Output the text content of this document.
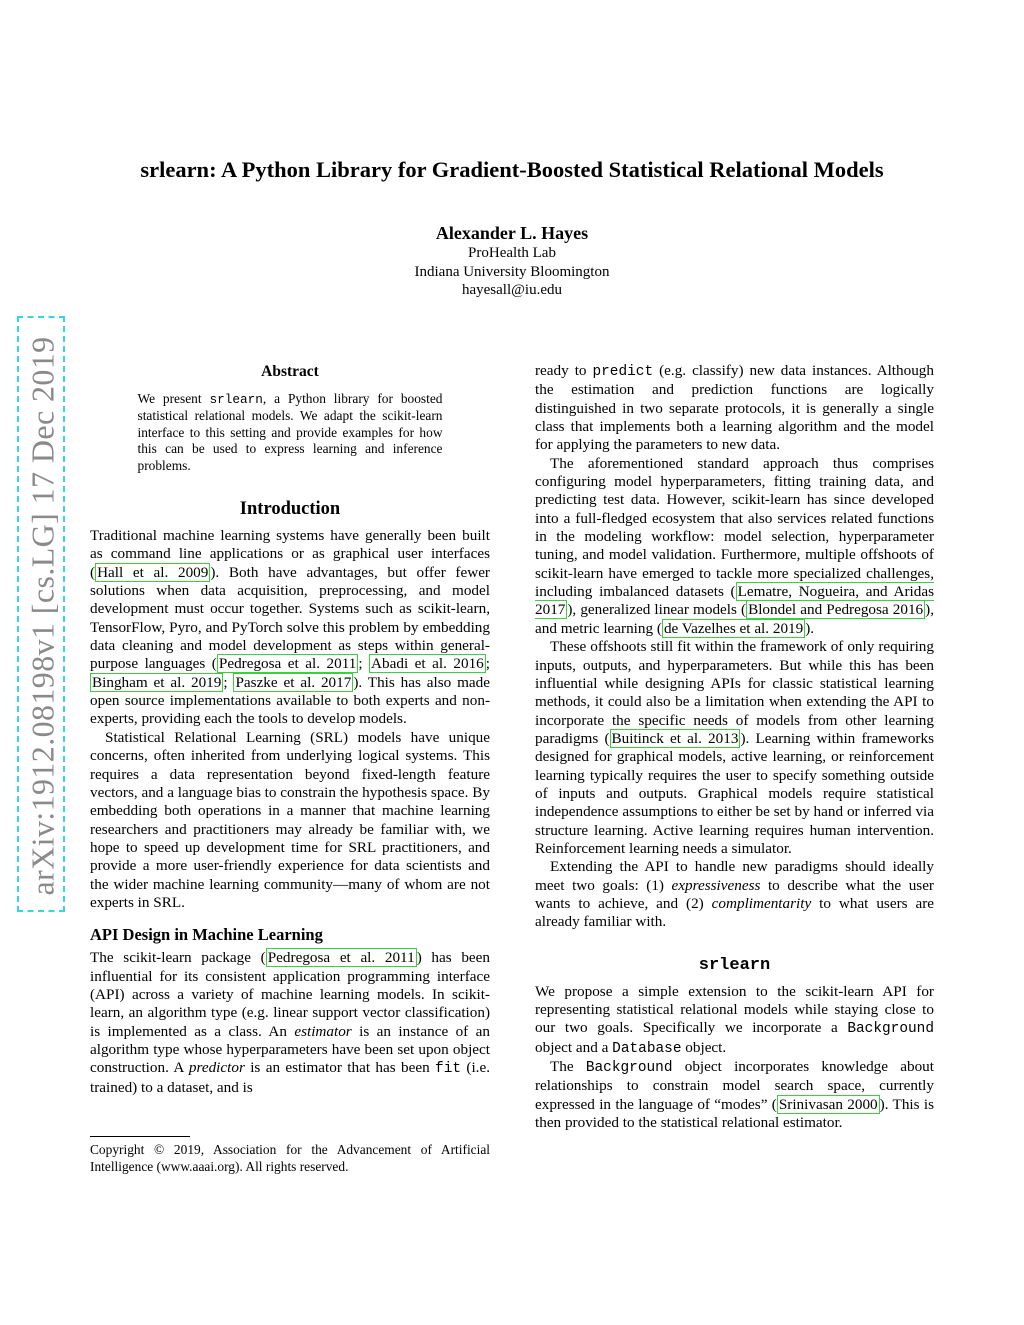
arXiv:1912.08198v1 [cs.LG] 17 Dec 2019
srlearn: A Python Library for Gradient-Boosted Statistical Relational Models
Alexander L. Hayes
ProHealth Lab
Indiana University Bloomington
hayesall@iu.edu
Abstract
We present srlearn, a Python library for boosted statistical relational models. We adapt the scikit-learn interface to this setting and provide examples for how this can be used to express learning and inference problems.
Introduction

Traditional machine learning systems have generally been built as command line applications or as graphical user interfaces ( Hall et al. 2009 ). Both have advantages, but offer fewer solutions when data acquisition, preprocessing, and model development must occur together. Systems such as scikit-learn, TensorFlow, Pyro, and PyTorch solve this problem by embedding data cleaning and model development as steps within general-purpose languages ( Pedregosa et al. 2011 ; Abadi et al. 2016 ; Bingham et al. 2019 ; Paszke et al. 2017 ). This has also made open source implementations available to both experts and non-experts, providing each the tools to develop models.

Statistical Relational Learning (SRL) models have unique concerns, often inherited from underlying logical systems. This requires a data representation beyond fixed-length feature vectors, and a language bias to constrain the hypothesis space. By embedding both operations in a manner that machine learning researchers and practitioners may already be familiar with, we hope to speed up development time for SRL practitioners, and provide a more user-friendly experience for data scientists and the wider machine learning community—many of whom are not experts in SRL.

API Design in Machine Learning

The scikit-learn package ( Pedregosa et al. 2011 ) has been influential for its consistent application programming interface (API) across a variety of machine learning models. In scikit-learn, an algorithm type (e.g. linear support vector classification) is implemented as a class. An estimator is an instance of an algorithm type whose hyperparameters have been set upon object construction. A predictor is an estimator that has been fit (i.e. trained) to a dataset, and is

Copyright © 2019, Association for the Advancement of Artificial Intelligence (www.aaai.org). All rights reserved.

ready to predict (e.g. classify) new data instances. Although the estimation and prediction functions are logically distinguished in two separate protocols, it is generally a single class that implements both a learning algorithm and the model for applying the parameters to new data.

The aforementioned standard approach thus comprises configuring model hyperparameters, fitting training data, and predicting test data. However, scikit-learn has since developed into a full-fledged ecosystem that also services related functions in the modeling workflow: model selection, hyperparameter tuning, and model validation. Furthermore, multiple offshoots of scikit-learn have emerged to tackle more specialized challenges, including imbalanced datasets ( Lematre, Nogueira, and Aridas 2017 ), generalized linear models ( Blondel and Pedregosa 2016 ), and metric learning ( de Vazelhes et al. 2019 ).

These offshoots still fit within the framework of only requiring inputs, outputs, and hyperparameters. But while this has been influential while designing APIs for classic statistical learning methods, it could also be a limitation when extending the API to incorporate the specific needs of models from other learning paradigms ( Buitinck et al. 2013 ). Learning within frameworks designed for graphical models, active learning, or reinforcement learning typically requires the user to specify something outside of inputs and outputs. Graphical models require statistical independence assumptions to either be set by hand or inferred via structure learning. Active learning requires human intervention. Reinforcement learning needs a simulator.

Extending the API to handle new paradigms should ideally meet two goals: (1) expressiveness to describe what the user wants to achieve, and (2) complimentarity to what users are already familiar with.

srlearn

We propose a simple extension to the scikit-learn API for representing statistical relational models while staying close to our two goals. Specifically we incorporate a Background object and a Database object.

The Background object incorporates knowledge about relationships to constrain model search space, currently expressed in the language of “modes” ( Srinivasan 2000 ). This is then provided to the statistical relational estimator.
